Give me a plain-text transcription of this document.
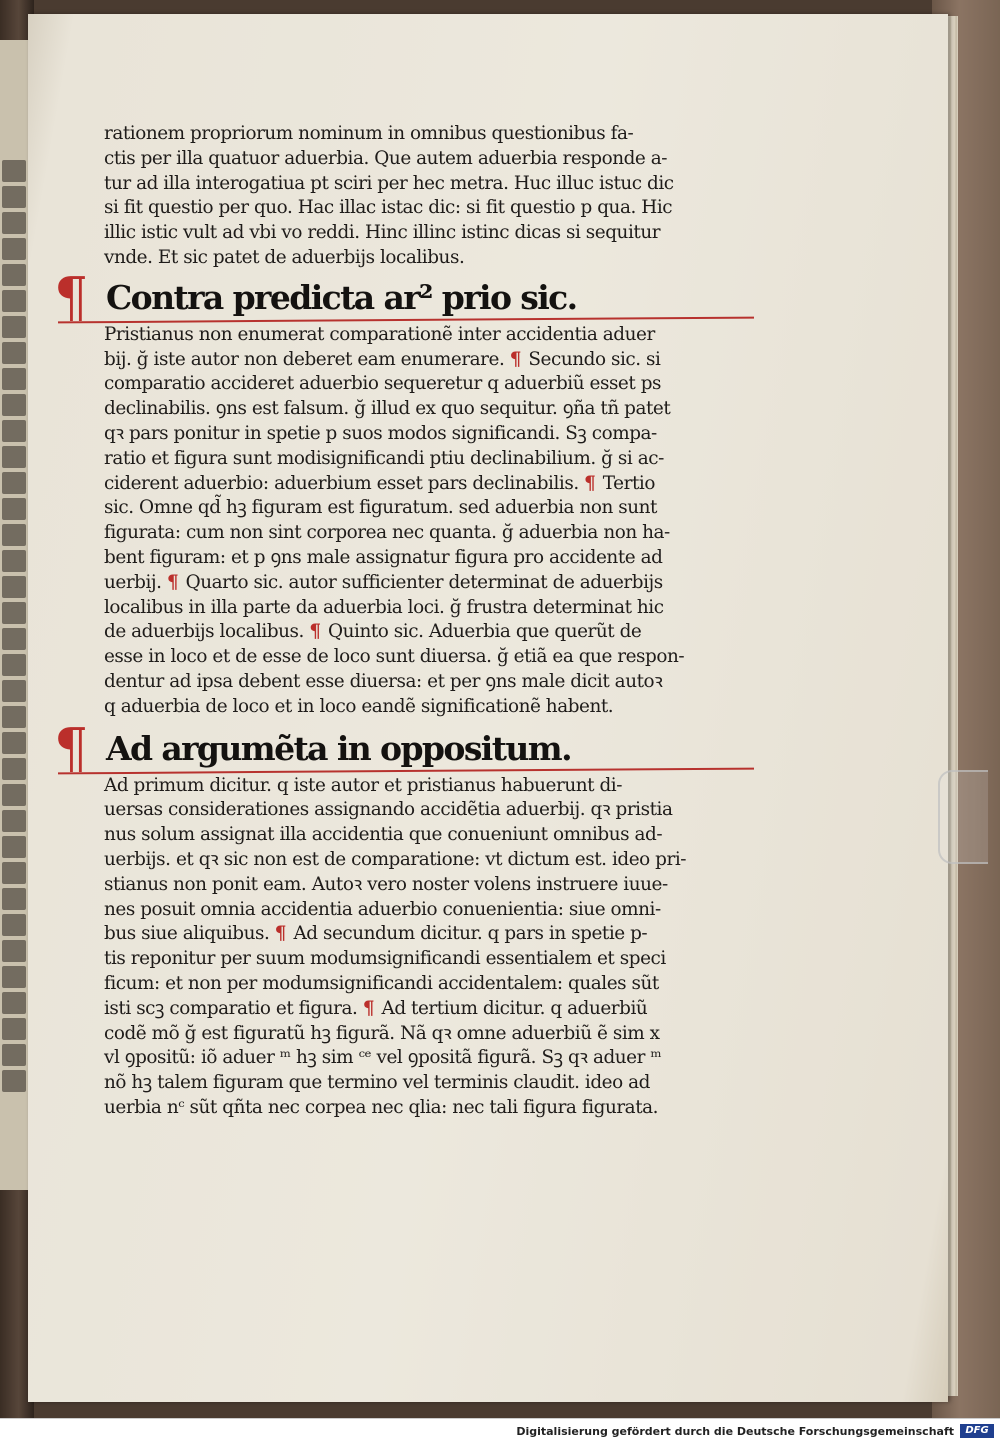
rationem propriorum nominum in omnibus questionibus fa-
ctis per illa quatuor aduerbia. Que autem aduerbia responde a-
tur ad illa interogatiua pt sciri per hec metra. Huc illuc istuc dic
si fit questio per quo. Hac illac istac dic: si fit questio p qua. Hic
illic istic vult ad vbi vo reddi. Hinc illinc istinc dicas si sequitur
vnde. Et sic patet de aduerbijs localibus.
¶ Contra predicta ar² prio sic.
Pristianus non enumerat comparationẽ inter accidentia aduer
bij. ğ iste autor non deberet eam enumerare. ¶ Secundo sic. si
comparatio accideret aduerbio sequeretur q aduerbiũ esset ps
declinabilis. ꝯns est falsum. ğ illud ex quo sequitur. ꝯña tñ patet
qꝛ pars ponitur in spetie p suos modos significandi. Sꝫ compa-
ratio et figura sunt modisignificandi ptiu declinabilium. ğ si ac-
ciderent aduerbio: aduerbium esset pars declinabilis. ¶ Tertio
sic. Omne qd̃ hꝫ figuram est figuratum. sed aduerbia non sunt
figurata: cum non sint corporea nec quanta. ğ aduerbia non ha-
bent figuram: et p ꝯns male assignatur figura pro accidente ad
uerbij. ¶ Quarto sic. autor sufficienter determinat de aduerbijs
localibus in illa parte da aduerbia loci. ğ frustra determinat hic
de aduerbijs localibus. ¶ Quinto sic. Aduerbia que querũt de
esse in loco et de esse de loco sunt diuersa. ğ etiã ea que respon-
dentur ad ipsa debent esse diuersa: et per ꝯns male dicit autoꝛ
q aduerbia de loco et in loco eandẽ significationẽ habent.
¶ Ad argumẽta in oppositum.
Ad primum dicitur. q iste autor et pristianus habuerunt di-
uersas considerationes assignando accidẽtia aduerbij. qꝛ pristia
nus solum assignat illa accidentia que conueniunt omnibus ad-
uerbijs. et qꝛ sic non est de comparatione: vt dictum est. ideo pri-
stianus non ponit eam. Autoꝛ vero noster volens instruere iuue-
nes posuit omnia accidentia aduerbio conuenientia: siue omni-
bus siue aliquibus. ¶ Ad secundum dicitur. q pars in spetie p-
tis reponitur per suum modumsignificandi essentialem et speci
ficum: et non per modumsignificandi accidentalem: quales sũt
isti scꝫ comparatio et figura. ¶ Ad tertium dicitur. q aduerbiũ
codẽ mõ ğ est figuratũ hꝫ figurã. Nã qꝛ omne aduerbiũ ẽ sim x
vl ꝯpositũ: iõ aduer ᵐ hꝫ sim ᶜᵉ vel ꝯpositã figurã. Sꝫ qꝛ aduer ᵐ
nõ hꝫ talem figuram que termino vel terminis claudit. ideo ad
uerbia nᶜ sũt qñta nec corpea nec qlia: nec tali figura figurata.
Digitalisierung gefördert durch die Deutsche Forschungsgemeinschaft	DFG
